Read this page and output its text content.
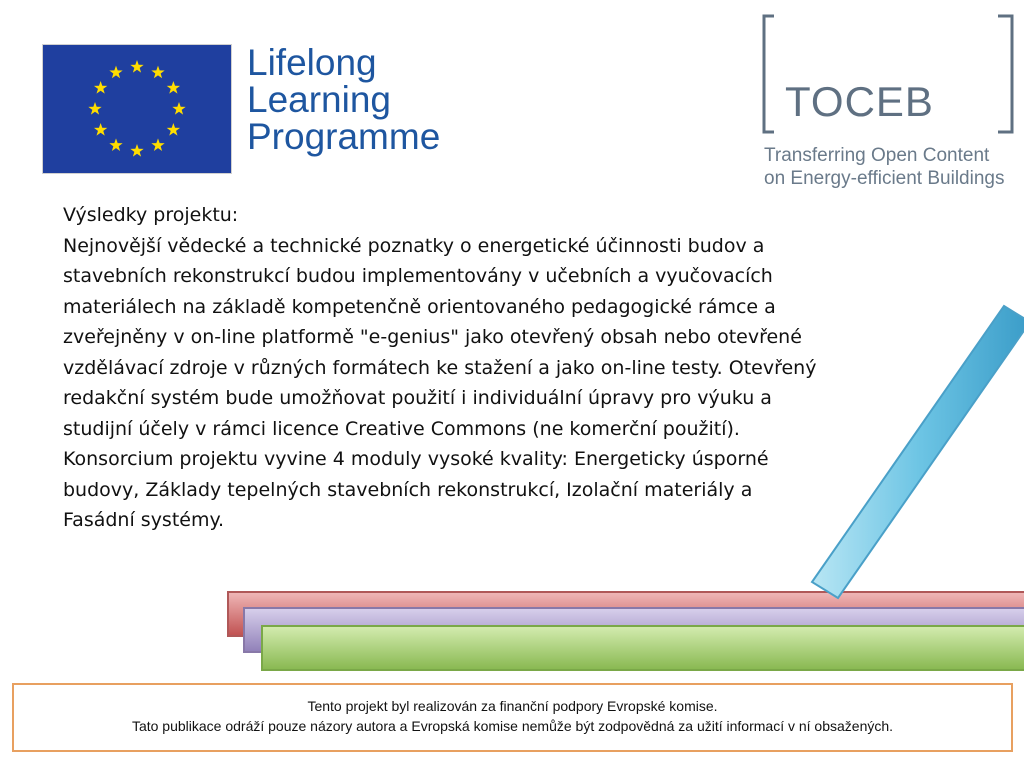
Lifelong
Learning
Programme
TOCEB
Transferring Open Content
on Energy-efficient Buildings

Výsledky projektu:

Nejnovější vědecké a technické poznatky o energetické účinnosti budov a stavebních rekonstrukcí budou implementovány v učebních a vyučovacích materiálech na základě kompetenčně orientovaného pedagogické rámce a zveřejněny v on-line platformě "e-genius" jako otevřený obsah nebo otevřené vzdělávací zdroje v různých formátech ke stažení a jako on-line testy. Otevřený redakční systém bude umožňovat použití i individuální úpravy pro výuku a studijní účely v rámci licence Creative Commons (ne komerční použití).

Konsorcium projektu vyvine 4 moduly vysoké kvality: Energeticky úsporné budovy, Základy tepelných stavebních rekonstrukcí, Izolační materiály a Fasádní systémy.

Tento projekt byl realizován za finanční podpory Evropské komise.
Tato publikace odráží pouze názory autora a Evropská komise nemůže být zodpovědná za užití informací v ní obsažených.
